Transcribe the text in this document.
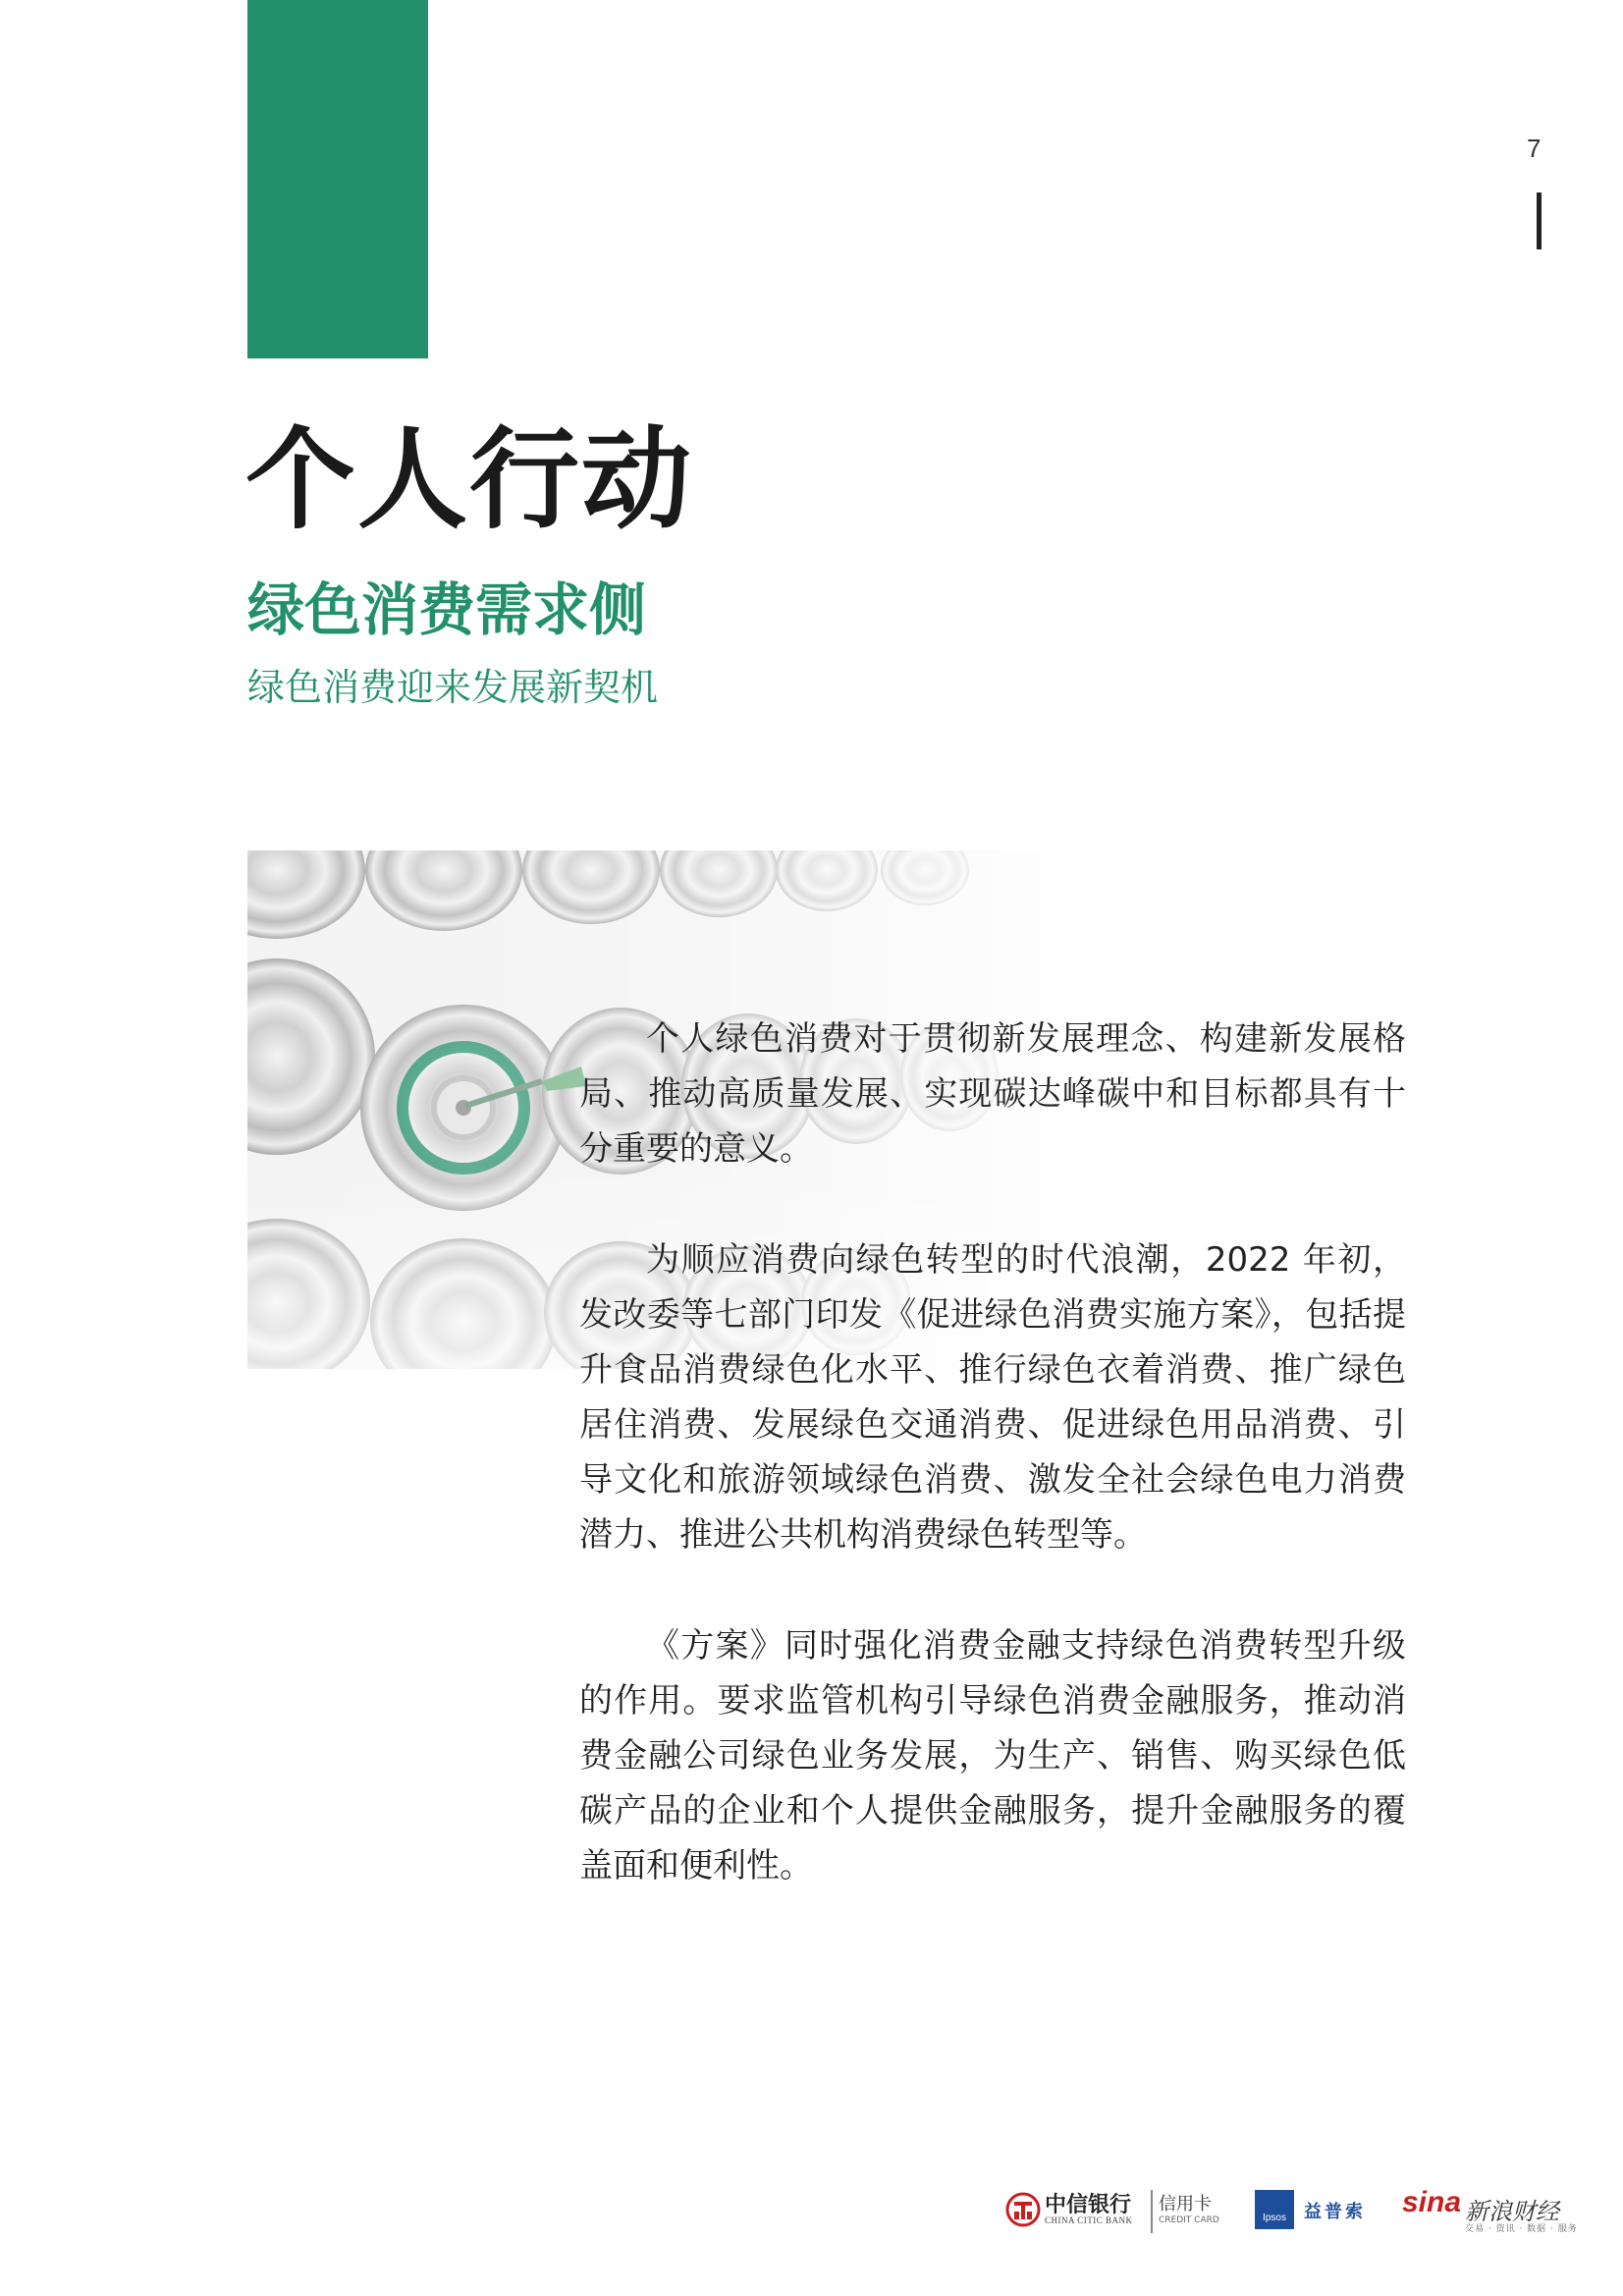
7
个人行动
绿色消费需求侧
绿色消费迎来发展新契机

个人绿色消费对于贯彻新发展理念、构建新发展格局、推动高质量发展、实现碳达峰碳中和目标都具有十分重要的意义。

为顺应消费向绿色转型的时代浪潮，2022 年初，发改委等七部门印发《促进绿色消费实施方案》，包括提升食品消费绿色化水平、推行绿色衣着消费、推广绿色居住消费、发展绿色交通消费、促进绿色用品消费、引导文化和旅游领域绿色消费、激发全社会绿色电力消费潜力、推进公共机构消费绿色转型等。

《方案》同时强化消费金融支持绿色消费转型升级的作用。要求监管机构引导绿色消费金融服务，推动消费金融公司绿色业务发展，为生产、销售、购买绿色低碳产品的企业和个人提供金融服务，提升金融服务的覆盖面和便利性。

中信银行
CHINA CITIC BANK
信用卡
CREDIT CARD	Ipsos	益普索 sina 新浪财经
交易 · 资讯 · 数据 · 服务
